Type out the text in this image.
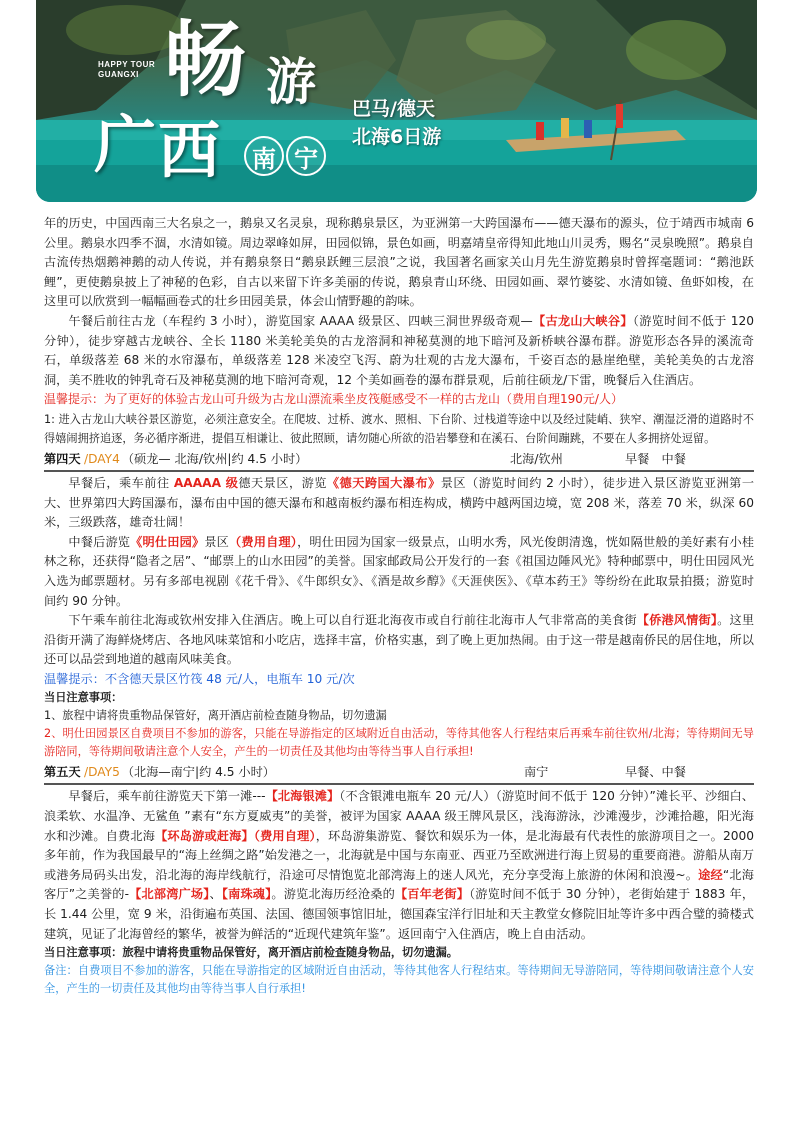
HAPPY TOUR
GUANGXI 畅 游
广 西	南 宁
巴马/德天
北海6日游

年的历史，中国西南三大名泉之一，鹅泉又名灵泉，现称鹅泉景区，为亚洲第一大跨国瀑布——德天瀑布的源头，位于靖西市城南 6 公里。鹅泉水四季不涸，水清如镜。周边翠峰如屏，田园似锦，景色如画，明嘉靖皇帝得知此地山川灵秀，赐名“灵泉晚照”。鹅泉自古流传热烟鹅神鹅的动人传说，并有鹅泉祭日“鹅泉跃鲤三层浪”之说，我国著名画家关山月先生游览鹅泉时曾挥毫题词：“鹅池跃鲤”，更使鹅泉披上了神秘的色彩，自古以来留下许多美丽的传说，鹅泉青山环绕、田园如画、翠竹婆娑、水清如镜、鱼虾如梭，在这里可以欣赏到一幅幅画卷式的壮乡田园美景，体会山情野趣的韵味。

午餐后前往古龙（车程约 3 小时），游览国家 AAAA 级景区、四峡三洞世界级奇观—【古龙山大峡谷】（游览时间不低于 120 分钟），徒步穿越古龙峡谷、全长 1180 米美轮美奂的古龙溶洞和神秘莫测的地下暗河及新桥峡谷瀑布群。游览形态各异的溪流奇石，单级落差 68 米的水帘瀑布，单级落差 128 米凌空飞泻、蔚为壮观的古龙大瀑布，千姿百态的悬崖绝壁，美轮美奂的古龙溶洞，美不胜收的钟乳奇石及神秘莫测的地下暗河奇观，12 个美如画卷的瀑布群景观，后前往硕龙/下雷，晚餐后入住酒店。

温馨提示：为了更好的体验古龙山可升级为古龙山漂流乘坐皮筏艇感受不一样的古龙山（费用自理190元/人）

1: 进入古龙山大峡谷景区游览，必须注意安全。在爬坡、过桥、渡水、照相、下台阶、过栈道等途中以及经过陡峭、狭窄、潮湿泛滑的道路时不得嬉闹拥挤追逐，务必循序渐进，提倡互相谦让、彼此照顾，请勿随心所欲的沿岩攀登和在溪石、台阶间蹦跳，不要在人多拥挤处逗留。

第四天 /DAY4 （硕龙— 北海/钦州|约 4.5 小时）	北海/钦州	早餐　中餐

早餐后，乘车前往 AAAAA 级德天景区，游览《德天跨国大瀑布》景区（游览时间约 2 小时），徒步进入景区游览亚洲第一大、世界第四大跨国瀑布，瀑布由中国的德天瀑布和越南板约瀑布相连构成，横跨中越两国边境，宽 208 米，落差 70 米，纵深 60 米，三级跌落，雄奇壮阔！

中餐后游览《明仕田园》景区（费用自理），明仕田园为国家一级景点，山明水秀，风光俊朗清逸，恍如隔世般的美好素有小桂林之称，还获得“隐者之居”、“邮票上的山水田园”的美誉。国家邮政局公开发行的一套《祖国边陲风光》特种邮票中，明仕田园风光入选为邮票题材。另有多部电视剧《花千骨》、《牛郎织女》、《酒是故乡醇》《天涯侠医》、《草本药王》等纷纷在此取景拍摄；游览时间约 90 分钟。

下午乘车前往北海或钦州安排入住酒店。晚上可以自行逛北海夜市或自行前往北海市人气非常高的美食街【侨港风情街】。这里沿街开满了海鲜烧烤店、各地风味菜馆和小吃店，选择丰富，价格实惠，到了晚上更加热闹。由于这一带是越南侨民的居住地，所以还可以品尝到地道的越南风味美食。

温馨提示：不含德天景区竹筏 48 元/人，电瓶车 10 元/次

当日注意事项：

1、旅程中请将贵重物品保管好，离开酒店前检查随身物品，切勿遗漏

2、明仕田园景区自费项目不参加的游客，只能在导游指定的区域附近自由活动，等待其他客人行程结束后再乘车前往钦州/北海；等待期间无导游陪同，等待期间敬请注意个人安全，产生的一切责任及其他均由等待当事人自行承担!

第五天 /DAY5 （北海—南宁|约 4.5 小时）	南宁	早餐、中餐

早餐后，乘车前往游览天下第一滩---【北海银滩】（不含银滩电瓶车 20 元/人）（游览时间不低于 120 分钟）”滩长平、沙细白、浪柔软、水温净、无鲨鱼 ”素有“东方夏威夷”的美誉，被评为国家 AAAA 级王牌风景区，浅海游泳，沙滩漫步，沙滩拾趣，阳光海水和沙滩。自费北海【环岛游或赶海】（费用自理），环岛游集游览、餐饮和娱乐为一体，是北海最有代表性的旅游项目之一。2000 多年前，作为我国最早的“海上丝绸之路”始发港之一，北海就是中国与东南亚、西亚乃至欧洲进行海上贸易的重要商港。游船从南万或港务局码头出发，沿北海的海岸线航行，沿途可尽情饱览北部湾海上的迷人风光，充分享受海上旅游的休闲和浪漫~。途经“北海客厅”之美誉的-【北部湾广场】、【南珠魂】。游览北海历经沧桑的【百年老街】（游览时间不低于 30 分钟），老街始建于 1883 年，长 1.44 公里，宽 9 米，沿街遍布英国、法国、德国领事馆旧址，德国森宝洋行旧址和天主教堂女修院旧址等许多中西合璧的骑楼式建筑，见证了北海曾经的繁华，被誉为鲜活的“近现代建筑年鉴”。返回南宁入住酒店，晚上自由活动。

当日注意事项：旅程中请将贵重物品保管好，离开酒店前检查随身物品，切勿遗漏。

备注：自费项目不参加的游客，只能在导游指定的区域附近自由活动，等待其他客人行程结束。等待期间无导游陪同，等待期间敬请注意个人安全，产生的一切责任及其他均由等待当事人自行承担!
